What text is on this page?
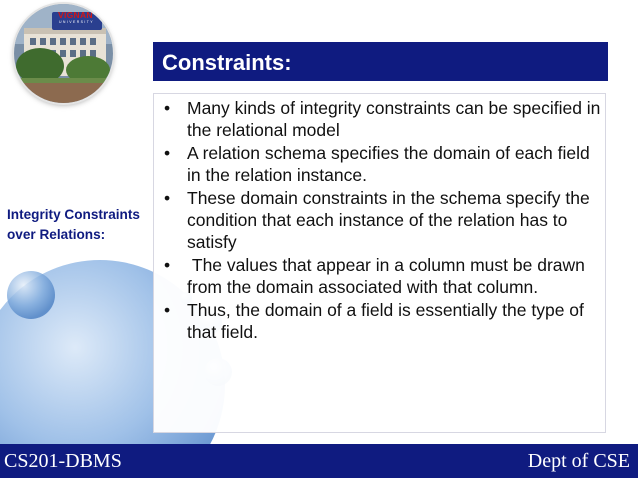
VIGNAN
UNIVERSITY
Constraints:
Integrity Constraints over Relations:
• Many kinds of integrity constraints can be specified in the relational model
• A relation schema specifies the domain of each field in the relation instance.
• These domain constraints in the schema specify the condition that each instance of the relation has to satisfy
• The values that appear in a column must be drawn from the domain associated with that column.
• Thus, the domain of a field is essentially the type of that field.
CS201-DBMS	Dept of CSE
